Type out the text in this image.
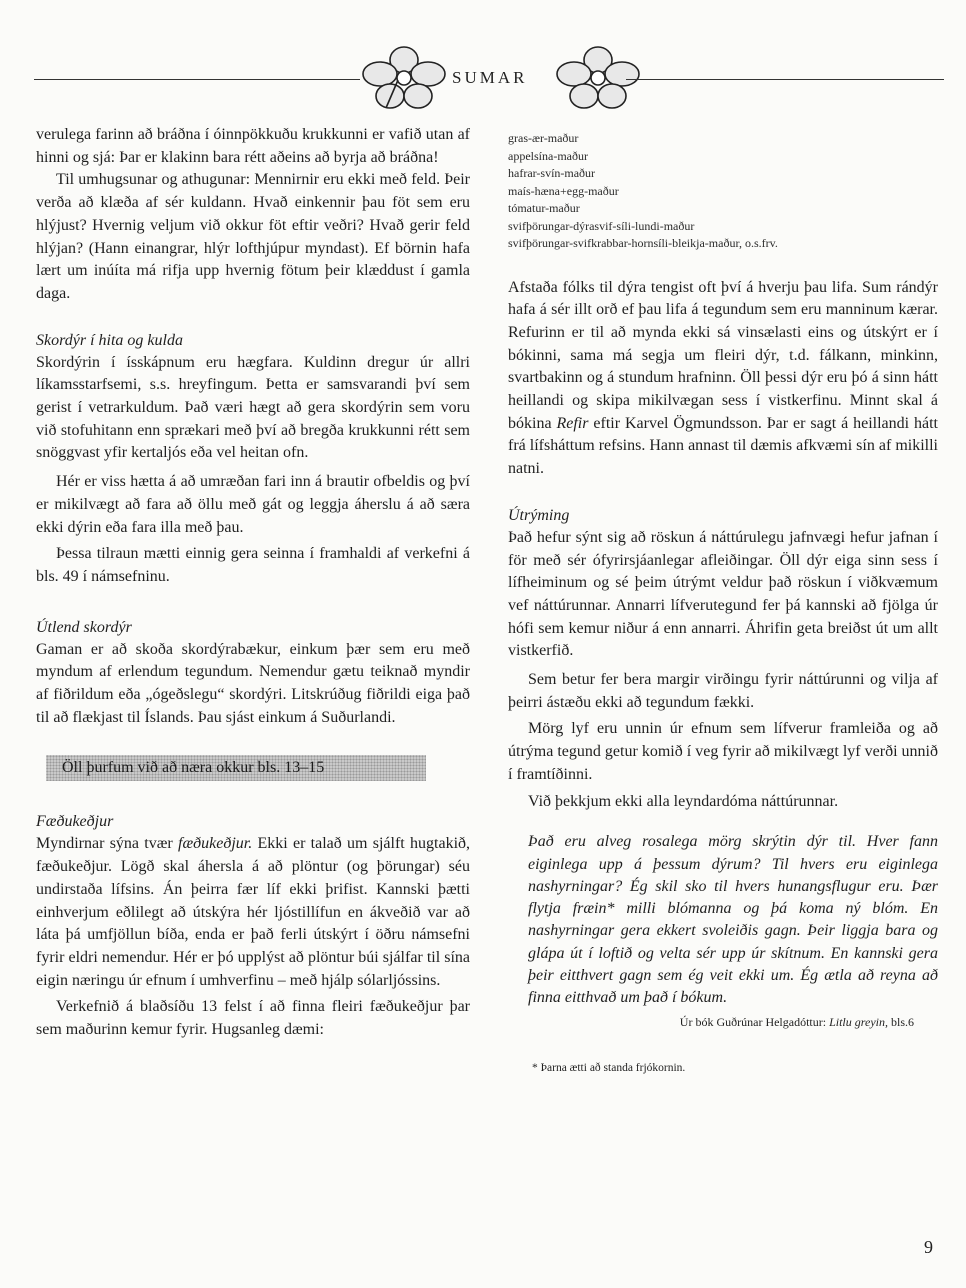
SUMAR

verulega farinn að bráðna í óinnpökkuðu krukkunni er vafið utan af hinni og sjá: Þar er klakinn bara rétt aðeins að byrja að bráðna!

Til umhugsunar og athugunar: Mennirnir eru ekki með feld. Þeir verða að klæða af sér kuldann. Hvað einkennir þau föt sem eru hlýjust? Hvernig veljum við okkur föt eftir veðri? Hvað gerir feld hlýjan? (Hann einangrar, hlýr lofthjúpur myndast). Ef börnin hafa lært um inúíta má rifja upp hvernig fötum þeir klæddust í gamla daga.

Skordýr í hita og kulda

Skordýrin í ísskápnum eru hægfara. Kuldinn dregur úr allri líkamsstarfsemi, s.s. hreyfingum. Þetta er samsvarandi því sem gerist í vetrarkuldum. Það væri hægt að gera skordýrin sem voru við stofuhitann enn sprækari með því að bregða krukkunni rétt sem snöggvast yfir kertaljós eða vel heitan ofn.

Hér er viss hætta á að umræðan fari inn á brautir ofbeldis og því er mikilvægt að fara að öllu með gát og leggja áherslu á að særa ekki dýrin eða fara illa með þau.

Þessa tilraun mætti einnig gera seinna í framhaldi af verkefni á bls. 49 í námsefninu.

Útlend skordýr

Gaman er að skoða skordýrabækur, einkum þær sem eru með myndum af erlendum tegundum. Nemendur gætu teiknað myndir af fiðrildum eða „ógeðslegu“ skordýri. Litskrúðug fiðrildi eiga það til að flækjast til Íslands. Þau sjást einkum á Suðurlandi.

Öll þurfum við að næra okkur bls. 13–15
Fæðukeðjur

Myndirnar sýna tvær fæðukeðjur. Ekki er talað um sjálft hugtakið, fæðukeðjur. Lögð skal áhersla á að plöntur (og þörungar) séu undirstaða lífsins. Án þeirra fær líf ekki þrifist. Kannski þætti einhverjum eðlilegt að útskýra hér ljóstillífun en ákveðið var að láta þá umfjöllun bíða, enda er það ferli útskýrt í öðru námsefni fyrir eldri nemendur. Hér er þó upplýst að plöntur búi sjálfar til sína eigin næringu úr efnum í umhverfinu – með hjálp sólarljóssins.

Verkefnið á blaðsíðu 13 felst í að finna fleiri fæðukeðjur þar sem maðurinn kemur fyrir. Hugsanleg dæmi:

gras-ær-maður
appelsína-maður
hafrar-svín-maður
maís-hæna+egg-maður
tómatur-maður
svifþörungar-dýrasvif-síli-lundi-maður
svifþörungar-svifkrabbar-hornsíli-bleikja-maður, o.s.frv.

Afstaða fólks til dýra tengist oft því á hverju þau lifa. Sum rándýr hafa á sér illt orð ef þau lifa á tegundum sem eru manninum kærar. Refurinn er til að mynda ekki sá vinsælasti eins og útskýrt er í bókinni, sama má segja um fleiri dýr, t.d. fálkann, minkinn, svartbakinn og á stundum hrafninn. Öll þessi dýr eru þó á sinn hátt heillandi og skipa mikilvægan sess í vistkerfinu. Minnt skal á bókina Refir eftir Karvel Ögmundsson. Þar er sagt á heillandi hátt frá lífsháttum refsins. Hann annast til dæmis afkvæmi sín af mikilli natni.

Útrýming

Það hefur sýnt sig að röskun á náttúrulegu jafnvægi hefur jafnan í för með sér ófyrirsjáanlegar afleiðingar. Öll dýr eiga sinn sess í lífheiminum og sé þeim útrýmt veldur það röskun í viðkvæmum vef náttúrunnar. Annarri lífverutegund fer þá kannski að fjölga úr hófi sem kemur niður á enn annarri. Áhrifin geta breiðst út um allt vistkerfið.

Sem betur fer bera margir virðingu fyrir náttúrunni og vilja af þeirri ástæðu ekki að tegundum fækki.

Mörg lyf eru unnin úr efnum sem lífverur framleiða og að útrýma tegund getur komið í veg fyrir að mikilvægt lyf verði unnið í framtíðinni.

Við þekkjum ekki alla leyndardóma náttúrunnar.

Það eru alveg rosalega mörg skrýtin dýr til. Hver fann eiginlega upp á þessum dýrum? Til hvers eru eiginlega nashyrningar? Ég skil sko til hvers hunangsflugur eru. Þær flytja fræin* milli blómanna og þá koma ný blóm. En nashyrningar gera ekkert svoleiðis gagn. Þeir liggja bara og glápa út í loftið og velta sér upp úr skítnum. En kannski gera þeir eitthvert gagn sem ég veit ekki um. Ég ætla að reyna að finna eitthvað um það í bókum.

Úr bók Guðrúnar Helgadóttur: Litlu greyin, bls.6
* Þarna ætti að standa frjókornin.
9
